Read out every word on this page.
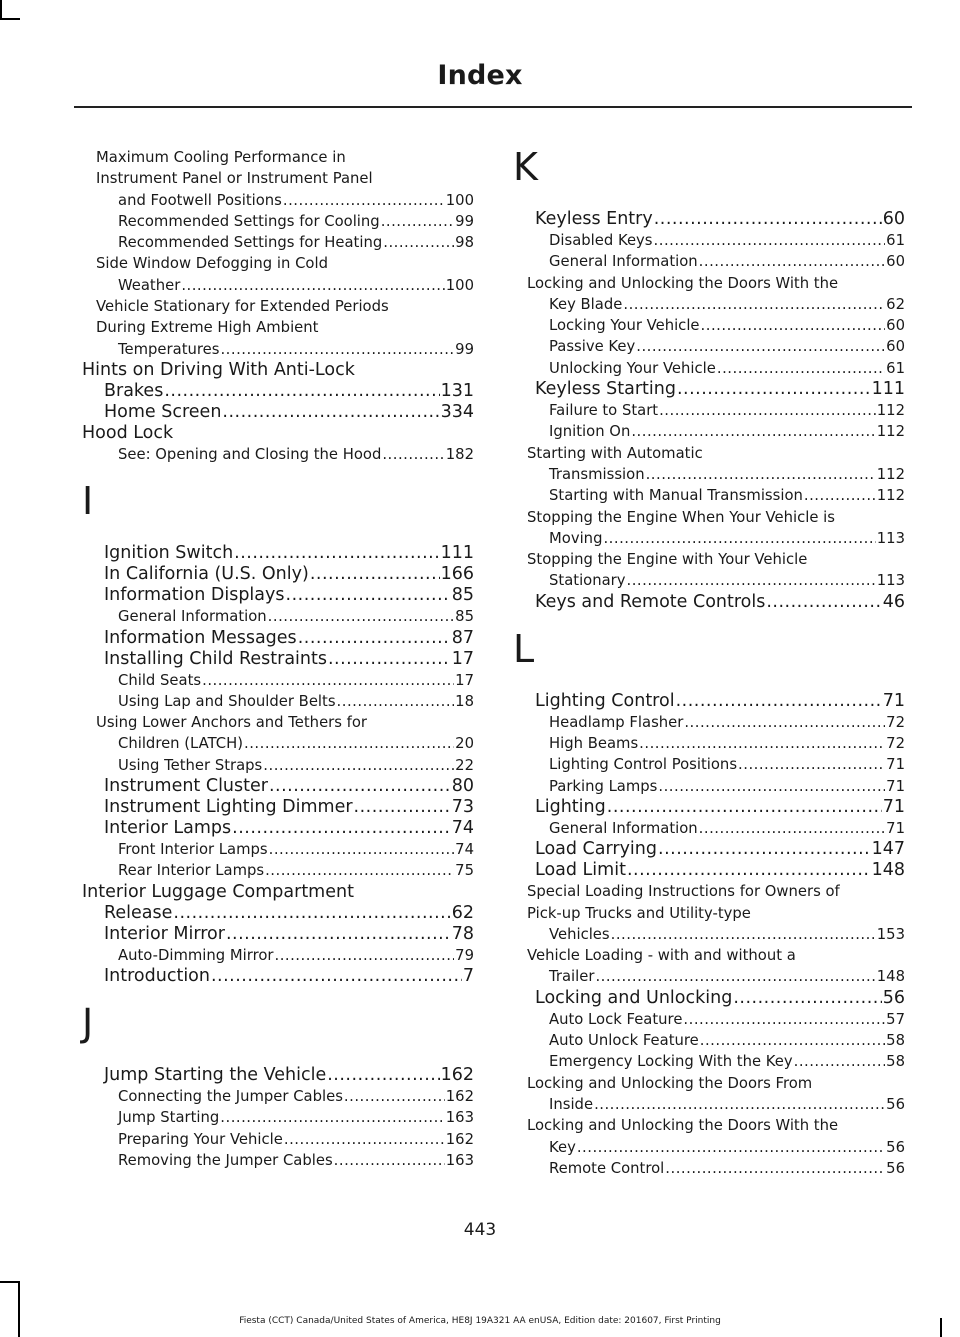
Index
Maximum Cooling Performance in
Instrument Panel or Instrument Panel
and Footwell Positions .....	100
Recommended Settings for Cooling .....	99
Recommended Settings for Heating .....	98
Side Window Defogging in Cold
Weather .....	100
Vehicle Stationary for Extended Periods
During Extreme High Ambient
Temperatures .....	99
Hints on Driving With Anti-Lock
Brakes .....	131
Home Screen .....	334
Hood Lock
See: Opening and Closing the Hood .....	182
I
Ignition Switch .....	111
In California (U.S. Only) .....	166
Information Displays .....	85
General Information .....	85
Information Messages .....	87
Installing Child Restraints .....	17
Child Seats .....	17
Using Lap and Shoulder Belts .....	18
Using Lower Anchors and Tethers for
Children (LATCH) .....	20
Using Tether Straps .....	22
Instrument Cluster .....	80
Instrument Lighting Dimmer .....	73
Interior Lamps .....	74
Front Interior Lamps .....	74
Rear Interior Lamps .....	75
Interior Luggage Compartment
Release .....	62
Interior Mirror .....	78
Auto-Dimming Mirror .....	79
Introduction .....	7
J
Jump Starting the Vehicle .....	162
Connecting the Jumper Cables .....	162
Jump Starting .....	163
Preparing Your Vehicle .....	162
Removing the Jumper Cables .....	163
K
Keyless Entry .....	60
Disabled Keys .....	61
General Information .....	60
Locking and Unlocking the Doors With the
Key Blade .....	62
Locking Your Vehicle .....	60
Passive Key .....	60
Unlocking Your Vehicle .....	61
Keyless Starting .....	111
Failure to Start .....	112
Ignition On .....	112
Starting with Automatic
Transmission .....	112
Starting with Manual Transmission .....	112
Stopping the Engine When Your Vehicle is
Moving .....	113
Stopping the Engine with Your Vehicle
Stationary .....	113
Keys and Remote Controls .....	46
L
Lighting Control .....	71
Headlamp Flasher .....	72
High Beams .....	72
Lighting Control Positions .....	71
Parking Lamps .....	71
Lighting .....	71
General Information .....	71
Load Carrying .....	147
Load Limit .....	148
Special Loading Instructions for Owners of
Pick-up Trucks and Utility-type
Vehicles .....	153
Vehicle Loading - with and without a
Trailer .....	148
Locking and Unlocking .....	56
Auto Lock Feature .....	57
Auto Unlock Feature .....	58
Emergency Locking With the Key .....	58
Locking and Unlocking the Doors From
Inside .....	56
Locking and Unlocking the Doors With the
Key .....	56
Remote Control .....	56
443
Fiesta (CCT) Canada/United States of America, HE8J 19A321 AA enUSA, Edition date: 201607, First Printing
